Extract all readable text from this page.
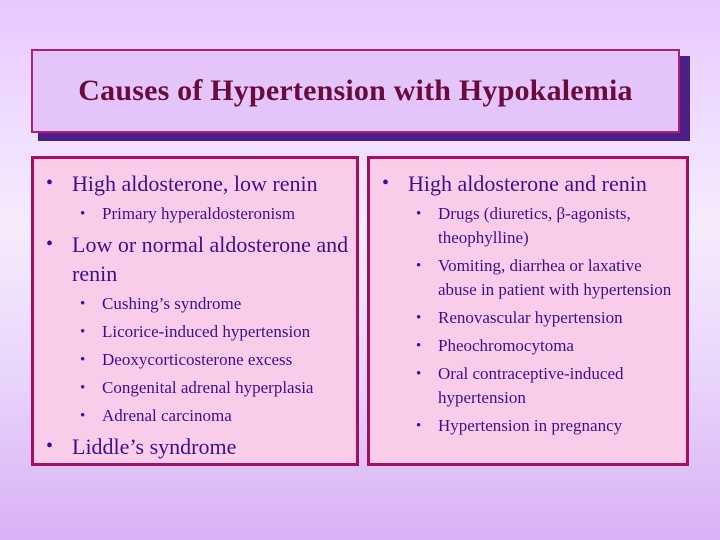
Causes of Hypertension with Hypokalemia
• High aldosterone, low renin
• Primary hyperaldosteronism
• Low or normal aldosterone and renin
• Cushing’s syndrome
• Licorice-induced hypertension
• Deoxycorticosterone excess
• Congenital adrenal hyperplasia
• Adrenal carcinoma
• Liddle’s syndrome
• High aldosterone and renin
• Drugs (diuretics, β-agonists, theophylline)
• Vomiting, diarrhea or laxative abuse in patient with hypertension
• Renovascular hypertension
• Pheochromocytoma
• Oral contraceptive-induced hypertension
• Hypertension in pregnancy
